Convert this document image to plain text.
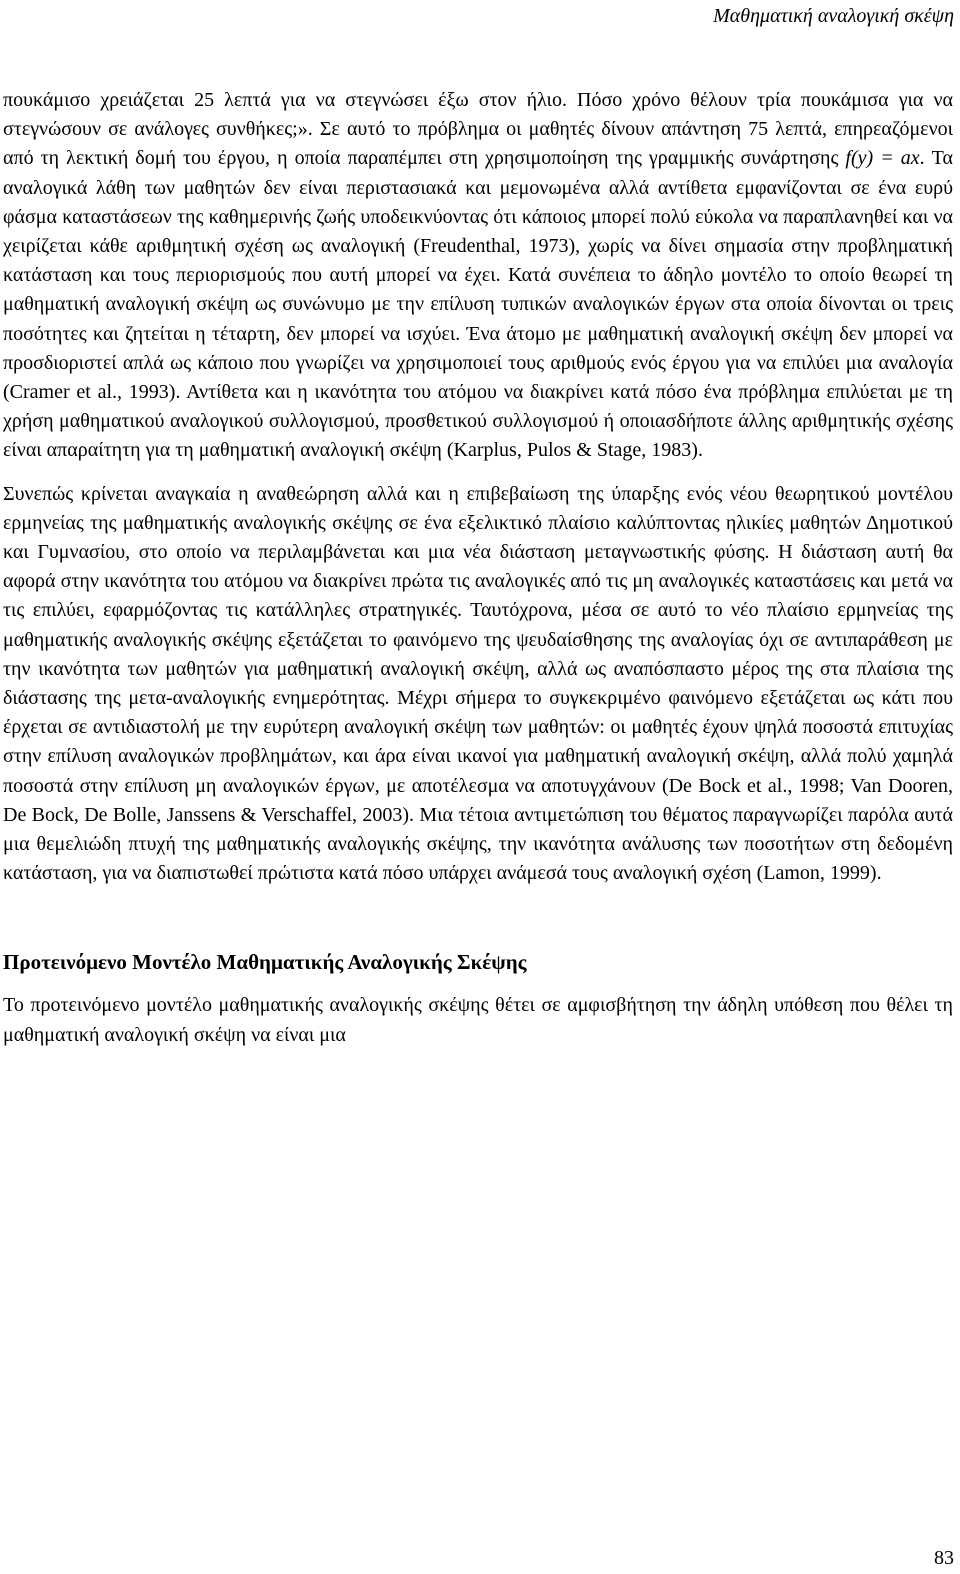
Μαθηματική αναλογική σκέψη

πουκάμισο χρειάζεται 25 λεπτά για να στεγνώσει έξω στον ήλιο. Πόσο χρόνο θέλουν τρία πουκάμισα για να στεγνώσουν σε ανάλογες συνθήκες;». Σε αυτό το πρόβλημα οι μαθητές δίνουν απάντηση 75 λεπτά, επηρεαζόμενοι από τη λεκτική δομή του έργου, η οποία παραπέμπει στη χρησιμοποίηση της γραμμικής συνάρτησης f(y) = ax. Τα αναλογικά λάθη των μαθητών δεν είναι περιστασιακά και μεμονωμένα αλλά αντίθετα εμφανίζονται σε ένα ευρύ φάσμα καταστάσεων της καθημερινής ζωής υποδεικνύοντας ότι κάποιος μπορεί πολύ εύκολα να παραπλανηθεί και να χειρίζεται κάθε αριθμητική σχέση ως αναλογική (Freudenthal, 1973), χωρίς να δίνει σημασία στην προβληματική κατάσταση και τους περιορισμούς που αυτή μπορεί να έχει. Κατά συνέπεια το άδηλο μοντέλο το οποίο θεωρεί τη μαθηματική αναλογική σκέψη ως συνώνυμο με την επίλυση τυπικών αναλογικών έργων στα οποία δίνονται οι τρεις ποσότητες και ζητείται η τέταρτη, δεν μπορεί να ισχύει. Ένα άτομο με μαθηματική αναλογική σκέψη δεν μπορεί να προσδιοριστεί απλά ως κάποιο που γνωρίζει να χρησιμοποιεί τους αριθμούς ενός έργου για να επιλύει μια αναλογία (Cramer et al., 1993). Αντίθετα και η ικανότητα του ατόμου να διακρίνει κατά πόσο ένα πρόβλημα επιλύεται με τη χρήση μαθηματικού αναλογικού συλλογισμού, προσθετικού συλλογισμού ή οποιασδήποτε άλλης αριθμητικής σχέσης είναι απαραίτητη για τη μαθηματική αναλογική σκέψη (Karplus, Pulos & Stage, 1983).

Συνεπώς κρίνεται αναγκαία η αναθεώρηση αλλά και η επιβεβαίωση της ύπαρξης ενός νέου θεωρητικού μοντέλου ερμηνείας της μαθηματικής αναλογικής σκέψης σε ένα εξελικτικό πλαίσιο καλύπτοντας ηλικίες μαθητών Δημοτικού και Γυμνασίου, στο οποίο να περιλαμβάνεται και μια νέα διάσταση μεταγνωστικής φύσης. Η διάσταση αυτή θα αφορά στην ικανότητα του ατόμου να διακρίνει πρώτα τις αναλογικές από τις μη αναλογικές καταστάσεις και μετά να τις επιλύει, εφαρμόζοντας τις κατάλληλες στρατηγικές. Ταυτόχρονα, μέσα σε αυτό το νέο πλαίσιο ερμηνείας της μαθηματικής αναλογικής σκέψης εξετάζεται το φαινόμενο της ψευδαίσθησης της αναλογίας όχι σε αντιπαράθεση με την ικανότητα των μαθητών για μαθηματική αναλογική σκέψη, αλλά ως αναπόσπαστο μέρος της στα πλαίσια της διάστασης της μετα-αναλογικής ενημερότητας. Μέχρι σήμερα το συγκεκριμένο φαινόμενο εξετάζεται ως κάτι που έρχεται σε αντιδιαστολή με την ευρύτερη αναλογική σκέψη των μαθητών: οι μαθητές έχουν ψηλά ποσοστά επιτυχίας στην επίλυση αναλογικών προβλημάτων, και άρα είναι ικανοί για μαθηματική αναλογική σκέψη, αλλά πολύ χαμηλά ποσοστά στην επίλυση μη αναλογικών έργων, με αποτέλεσμα να αποτυγχάνουν (De Bock et al., 1998; Van Dooren, De Bock, De Bolle, Janssens & Verschaffel, 2003). Μια τέτοια αντιμετώπιση του θέματος παραγνωρίζει παρόλα αυτά μια θεμελιώδη πτυχή της μαθηματικής αναλογικής σκέψης, την ικανότητα ανάλυσης των ποσοτήτων στη δεδομένη κατάσταση, για να διαπιστωθεί πρώτιστα κατά πόσο υπάρχει ανάμεσά τους αναλογική σχέση (Lamon, 1999).

Προτεινόμενο Μοντέλο Μαθηματικής Αναλογικής Σκέψης

Το προτεινόμενο μοντέλο μαθηματικής αναλογικής σκέψης θέτει σε αμφισβήτηση την άδηλη υπόθεση που θέλει τη μαθηματική αναλογική σκέψη να είναι μια

83
